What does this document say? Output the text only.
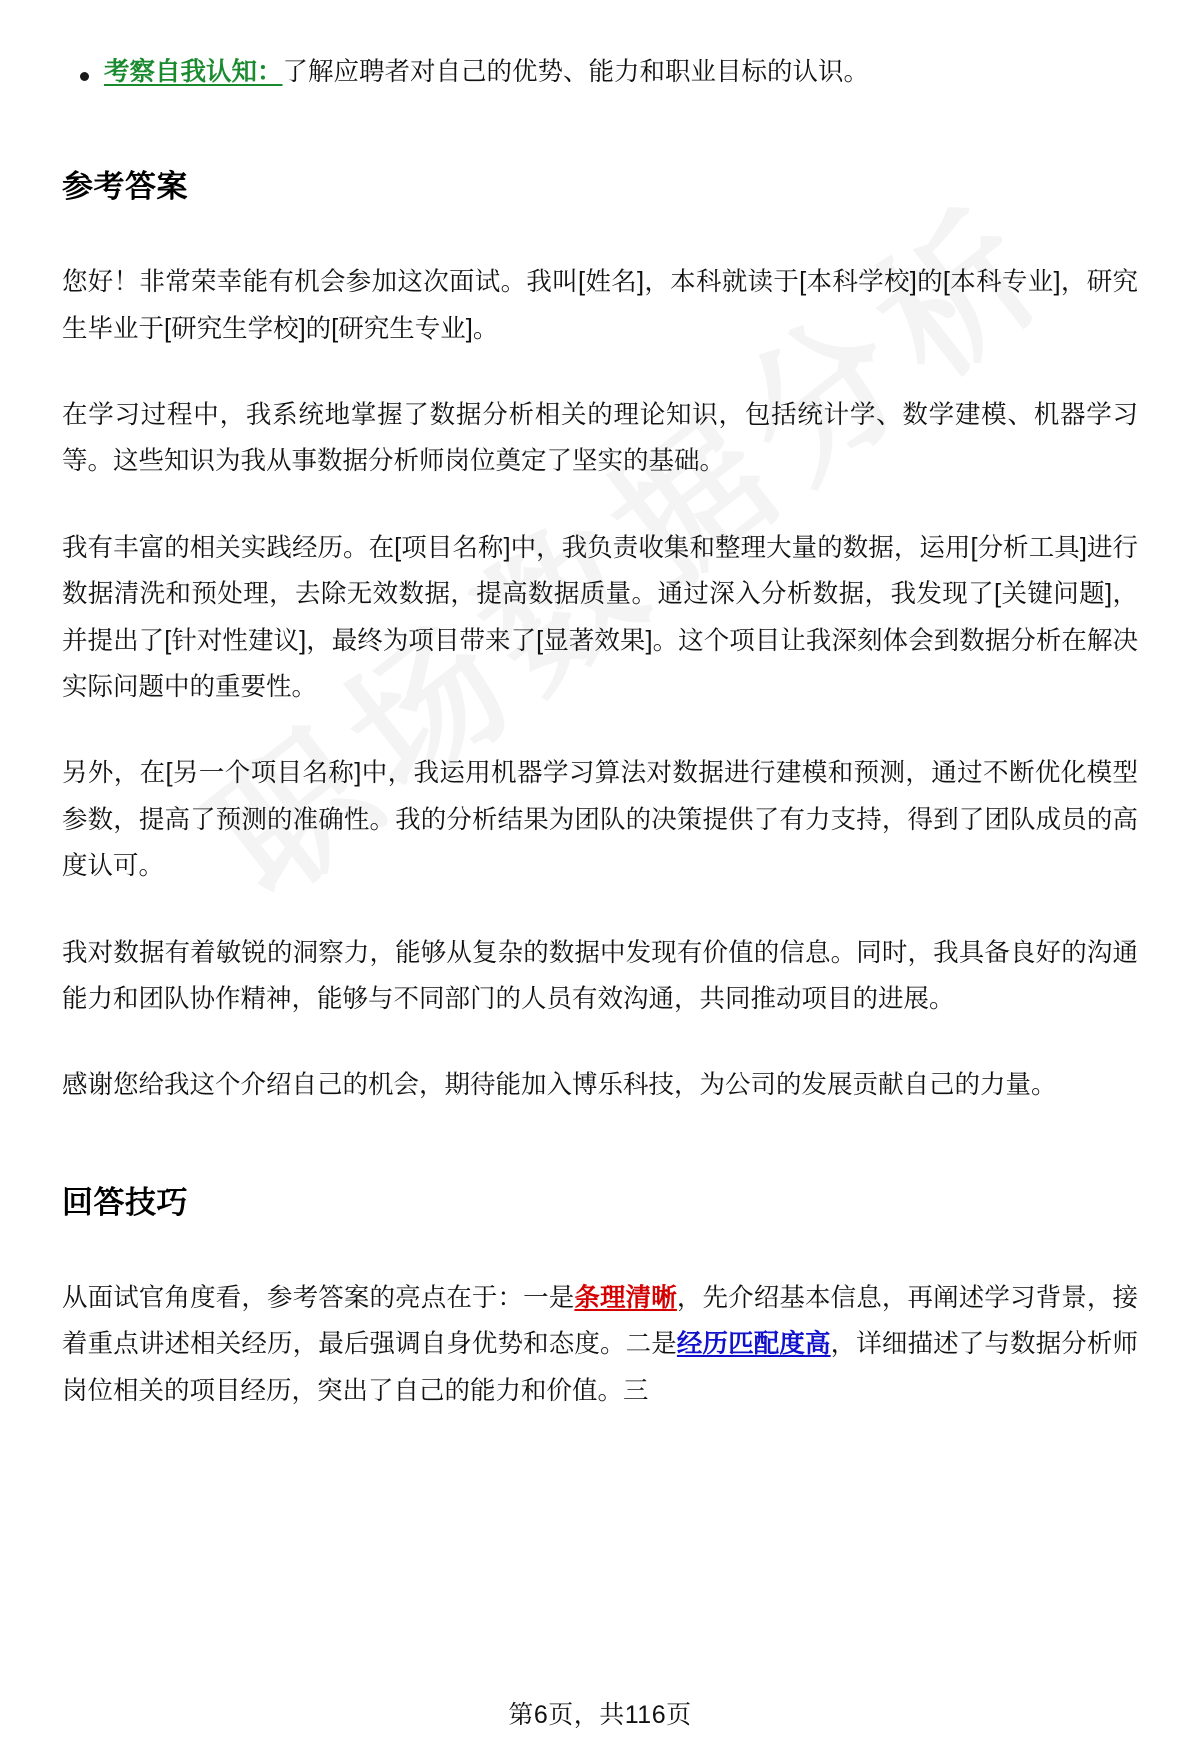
考察自我认知：了解应聘者对自己的优势、能力和职业目标的认识。
参考答案

您好！非常荣幸能有机会参加这次面试。我叫[姓名]，本科就读于[本科学校]的[本科专业]，研究生毕业于[研究生学校]的[研究生专业]。

在学习过程中，我系统地掌握了数据分析相关的理论知识，包括统计学、数学建模、机器学习等。这些知识为我从事数据分析师岗位奠定了坚实的基础。

我有丰富的相关实践经历。在[项目名称]中，我负责收集和整理大量的数据，运用[分析工具]进行数据清洗和预处理，去除无效数据，提高数据质量。通过深入分析数据，我发现了[关键问题]，并提出了[针对性建议]，最终为项目带来了[显著效果]。这个项目让我深刻体会到数据分析在解决实际问题中的重要性。

另外，在[另一个项目名称]中，我运用机器学习算法对数据进行建模和预测，通过不断优化模型参数，提高了预测的准确性。我的分析结果为团队的决策提供了有力支持，得到了团队成员的高度认可。

我对数据有着敏锐的洞察力，能够从复杂的数据中发现有价值的信息。同时，我具备良好的沟通能力和团队协作精神，能够与不同部门的人员有效沟通，共同推动项目的进展。

感谢您给我这个介绍自己的机会，期待能加入博乐科技，为公司的发展贡献自己的力量。

回答技巧

从面试官角度看，参考答案的亮点在于：一是条理清晰，先介绍基本信息，再阐述学习背景，接着重点讲述相关经历，最后强调自身优势和态度。二是经历匹配度高，详细描述了与数据分析师岗位相关的项目经历，突出了自己的能力和价值。三

第6页，共116页
